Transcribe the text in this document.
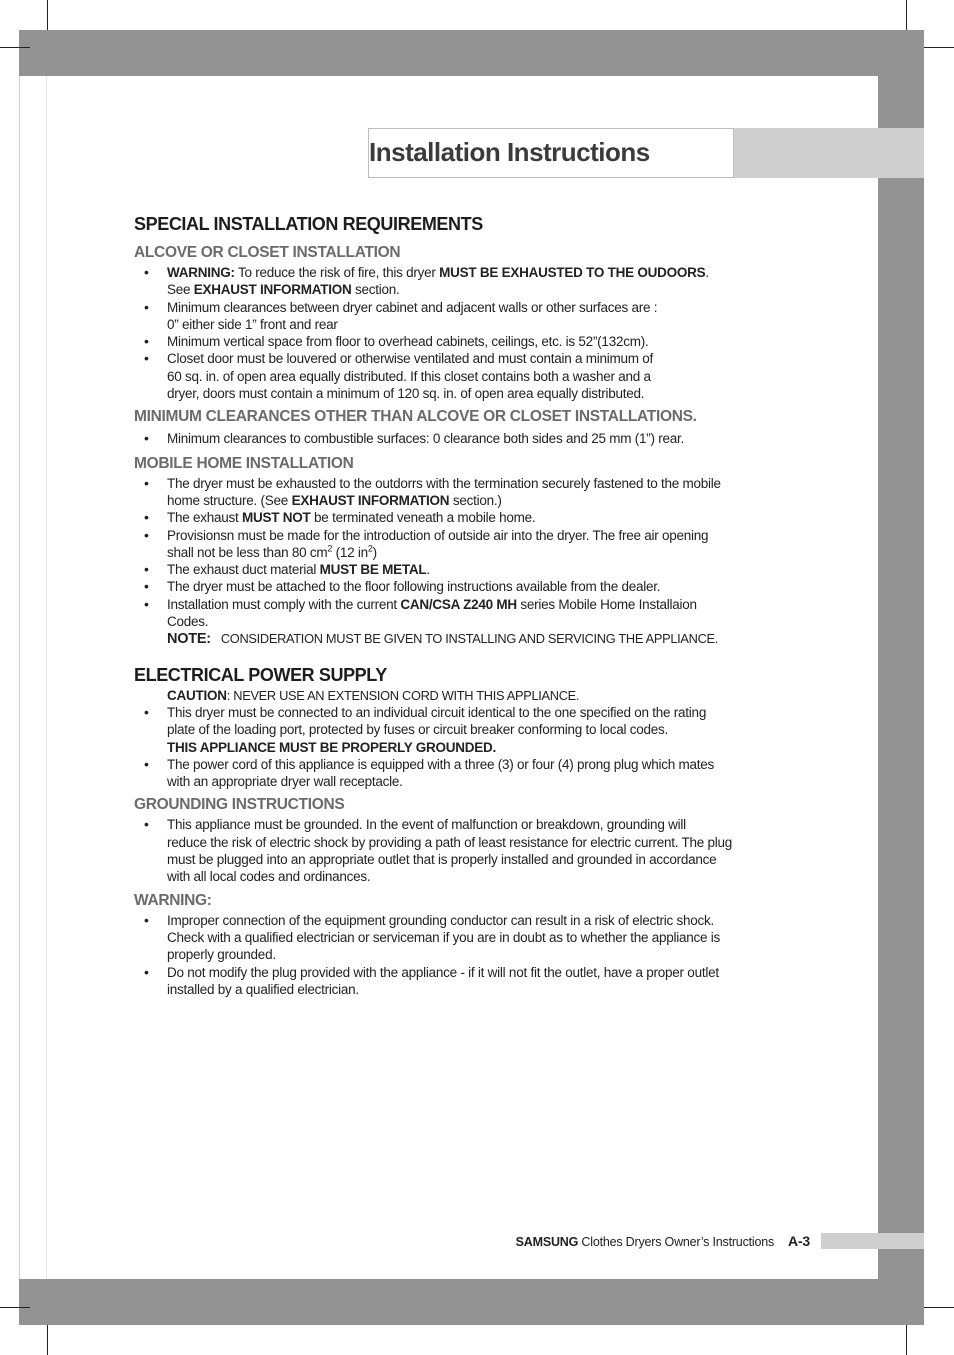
Installation Instructions
SPECIAL INSTALLATION REQUIREMENTS
ALCOVE OR CLOSET INSTALLATION
• WARNING: To reduce the risk of fire, this dryer MUST BE EXHAUSTED TO THE OUDOORS.
See EXHAUST INFORMATION section.
• Minimum clearances between dryer cabinet and adjacent walls or other surfaces are :
0” either side 1” front and rear
• Minimum vertical space from floor to overhead cabinets, ceilings, etc. is 52”(132cm).
• Closet door must be louvered or otherwise ventilated and must contain a minimum of
60 sq. in. of open area equally distributed. If this closet contains both a washer and a
dryer, doors must contain a minimum of 120 sq. in. of open area equally distributed.
MINIMUM CLEARANCES OTHER THAN ALCOVE OR CLOSET INSTALLATIONS.
• Minimum clearances to combustible surfaces: 0 clearance both sides and 25 mm (1”) rear.
MOBILE HOME INSTALLATION
• The dryer must be exhausted to the outdorrs with the termination securely fastened to the mobile
home structure. (See EXHAUST INFORMATION section.)
• The exhaust MUST NOT be terminated veneath a mobile home.
• Provisionsn must be made for the introduction of outside air into the dryer. The free air opening
shall not be less than 80 $cm^2$ (12 $in^2$)
• The exhaust duct material MUST BE METAL.
• The dryer must be attached to the floor following instructions available from the dealer.
• Installation must comply with the current CAN/CSA Z240 MH series Mobile Home Installaion
Codes.
NOTE: CONSIDERATION MUST BE GIVEN TO INSTALLING AND SERVICING THE APPLIANCE.
ELECTRICAL POWER SUPPLY
CAUTION: NEVER USE AN EXTENSION CORD WITH THIS APPLIANCE.
• This dryer must be connected to an individual circuit identical to the one specified on the rating
plate of the loading port, protected by fuses or circuit breaker conforming to local codes.
THIS APPLIANCE MUST BE PROPERLY GROUNDED.
• The power cord of this appliance is equipped with a three (3) or four (4) prong plug which mates
with an appropriate dryer wall receptacle.
GROUNDING INSTRUCTIONS
• This appliance must be grounded. In the event of malfunction or breakdown, grounding will
reduce the risk of electric shock by providing a path of least resistance for electric current. The plug
must be plugged into an appropriate outlet that is properly installed and grounded in accordance
with all local codes and ordinances.
WARNING:
• Improper connection of the equipment grounding conductor can result in a risk of electric shock.
Check with a qualified electrician or serviceman if you are in doubt as to whether the appliance is
properly grounded.
• Do not modify the plug provided with the appliance - if it will not fit the outlet, have a proper outlet
installed by a qualified electrician.
SAMSUNG Clothes Dryers Owner’s Instructions A-3
